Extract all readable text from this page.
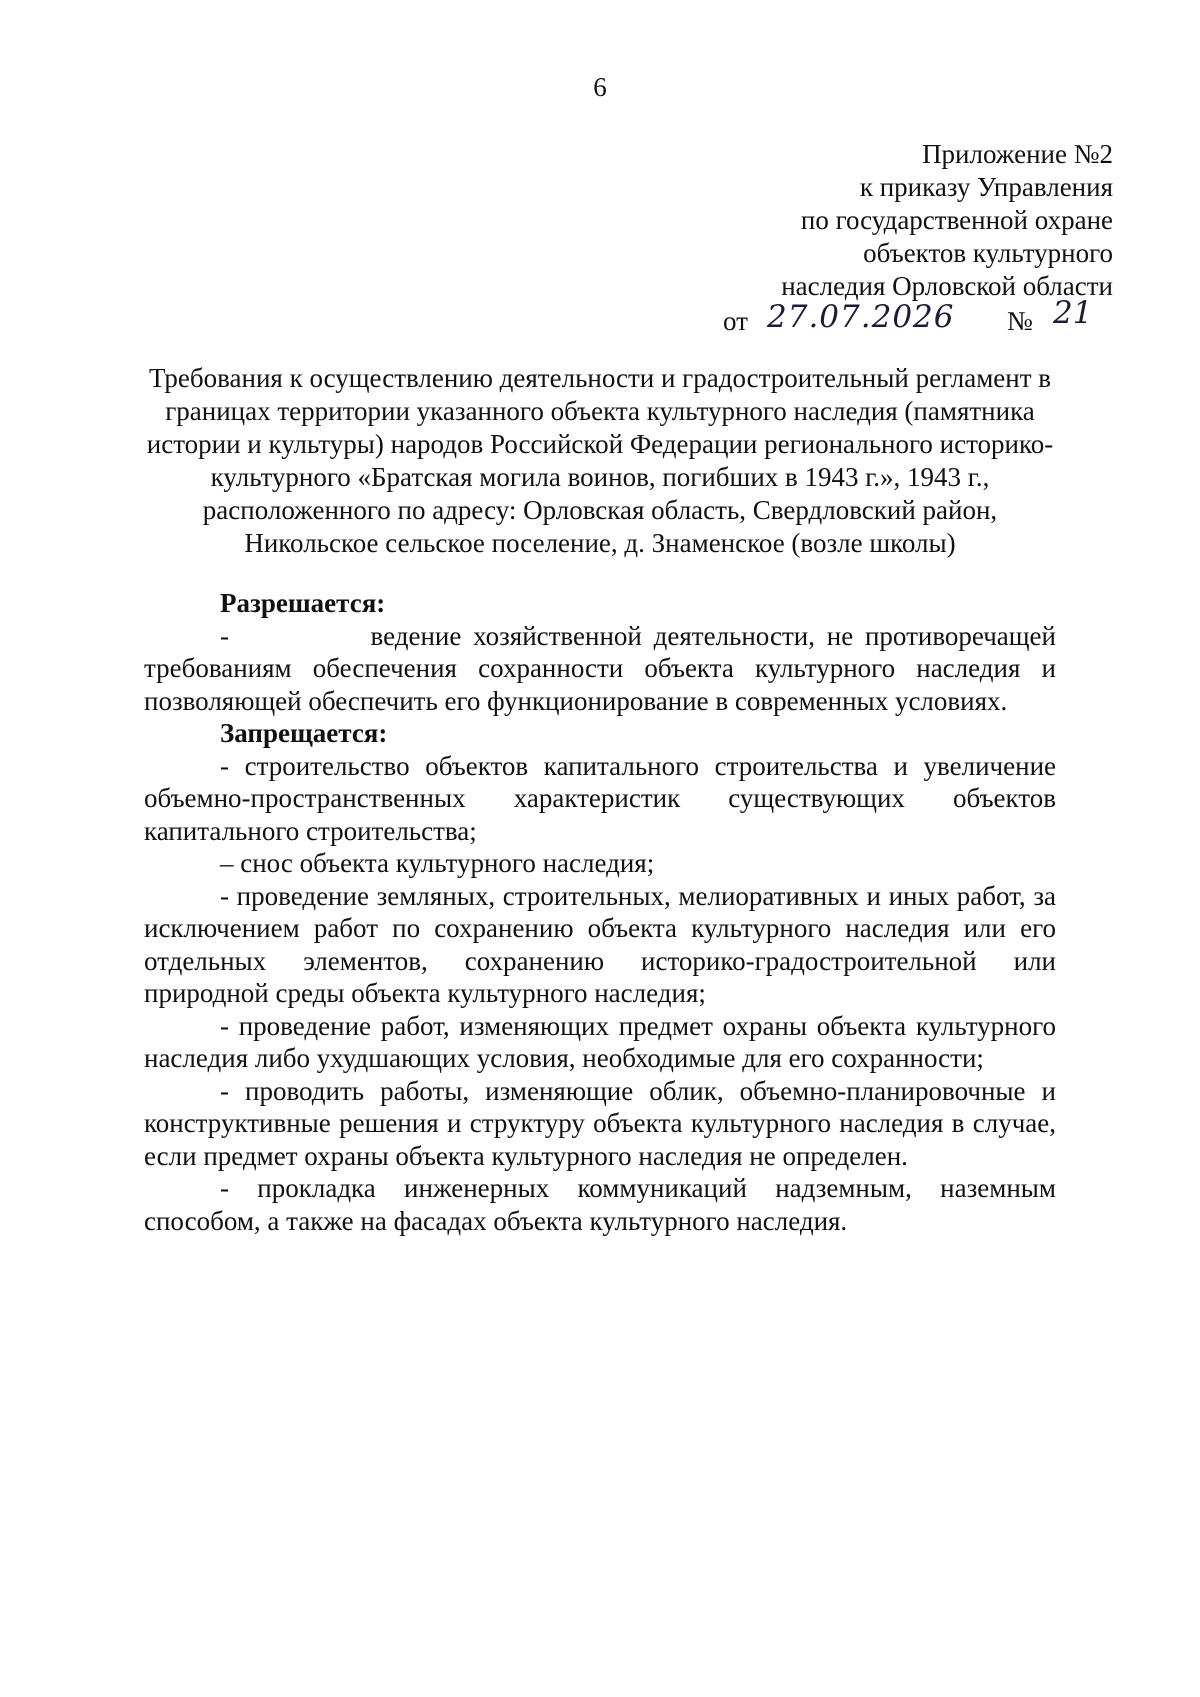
6
Приложение №2
к приказу Управления
по государственной охране
объектов культурного
наследия Орловской области
от 27.07.2026 № 21
Требования к осуществлению деятельности и градостроительный регламент в
границах территории указанного объекта культурного наследия (памятника
истории и культуры) народов Российской Федерации регионального историко-
культурного «Братская могила воинов, погибших в 1943 г.», 1943 г.,
расположенного по адресу: Орловская область, Свердловский район,
Никольское сельское поселение, д. Знаменское (возле школы)
Разрешается:

-	ведение хозяйственной деятельности, не противоречащей требованиям обеспечения сохранности объекта культурного наследия и позволяющей обеспечить его функционирование в современных условиях.

Запрещается:

- строительство объектов капитального строительства и увеличение объемно-пространственных характеристик существующих объектов капитального строительства;

– снос объекта культурного наследия;

- проведение земляных, строительных, мелиоративных и иных работ, за исключением работ по сохранению объекта культурного наследия или его отдельных элементов, сохранению историко-градостроительной или природной среды объекта культурного наследия;

- проведение работ, изменяющих предмет охраны объекта культурного наследия либо ухудшающих условия, необходимые для его сохранности;

- проводить работы, изменяющие облик, объемно-планировочные и конструктивные решения и структуру объекта культурного наследия в случае, если предмет охраны объекта культурного наследия не определен.

- прокладка инженерных коммуникаций надземным, наземным способом, а также на фасадах объекта культурного наследия.
